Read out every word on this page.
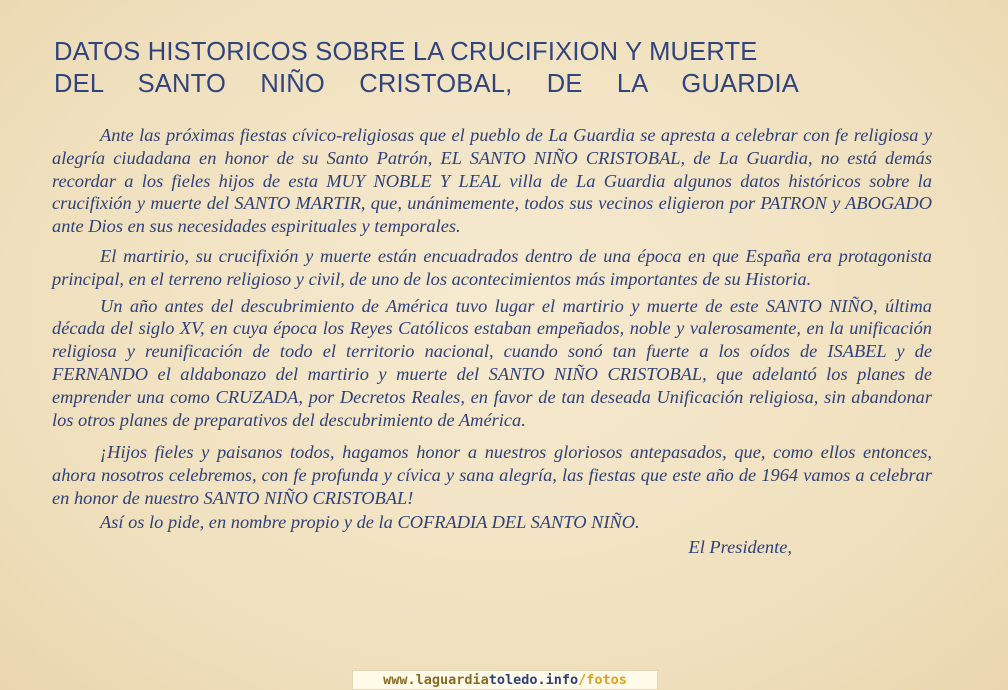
DATOS HISTORICOS SOBRE LA CRUCIFIXION Y MUERTE
DEL SANTO NIÑO CRISTOBAL, DE LA GUARDIA

Ante las próximas fiestas cívico-religiosas que el pueblo de La Guardia se apresta a celebrar con fe religiosa y alegría ciudadana en honor de su Santo Patrón, EL SANTO NIÑO CRISTOBAL, de La Guardia, no está demás recordar a los fieles hijos de esta MUY NOBLE Y LEAL villa de La Guardia algunos datos históricos sobre la crucifixión y muerte del SANTO MARTIR, que, unánimemente, todos sus vecinos eligieron por PATRON y ABOGADO ante Dios en sus necesidades espirituales y temporales.

El martirio, su crucifixión y muerte están encuadrados dentro de una época en que España era protagonista principal, en el terreno religioso y civil, de uno de los acontecimientos más importantes de su Historia.

Un año antes del descubrimiento de América tuvo lugar el martirio y muerte de este SANTO NIÑO, última década del siglo XV, en cuya época los Reyes Católicos estaban empeñados, noble y valerosamente, en la unificación religiosa y reunificación de todo el territorio nacional, cuando sonó tan fuerte a los oídos de ISABEL y de FERNANDO el aldabonazo del martirio y muerte del SANTO NIÑO CRISTOBAL, que adelantó los planes de emprender una como CRUZADA, por Decretos Reales, en favor de tan deseada Unificación religiosa, sin abandonar los otros planes de preparativos del descubrimiento de América.

¡Hijos fieles y paisanos todos, hagamos honor a nuestros gloriosos antepasados, que, como ellos entonces, ahora nosotros celebremos, con fe profunda y cívica y sana alegría, las fiestas que este año de 1964 vamos a celebrar en honor de nuestro SANTO NIÑO CRISTOBAL!

Así os lo pide, en nombre propio y de la COFRADIA DEL SANTO NIÑO.

El Presidente,

www.laguardiatoledo.info/fotos
